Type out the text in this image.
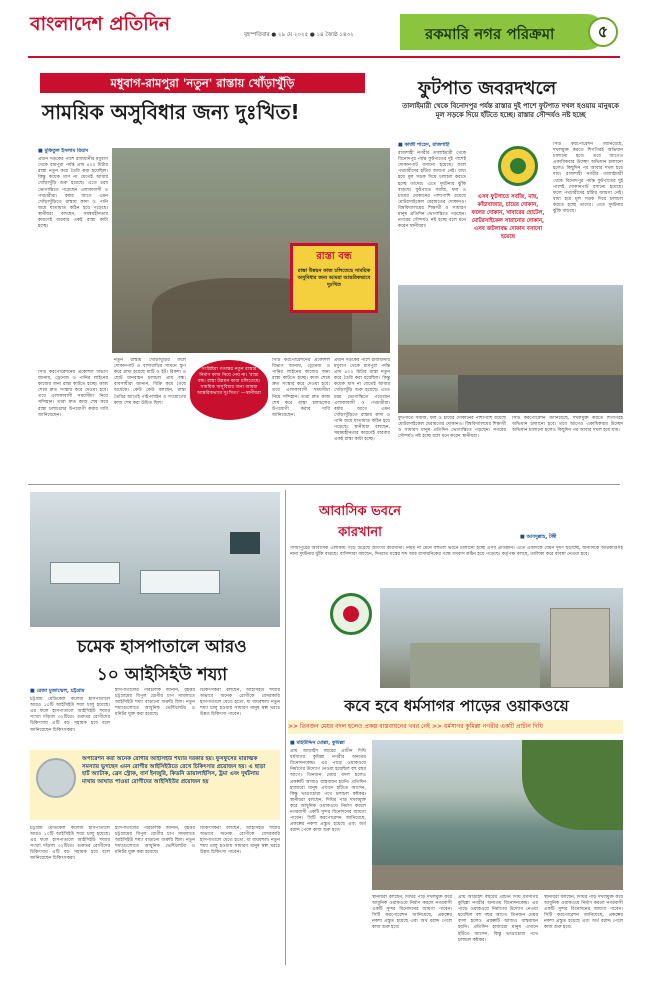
বাংলাদেশ প্রতিদিন	বৃহস্পতিবার ● ২৯ মে ২০২৫ ● ১৪ জ্যৈষ্ঠ ১৪৩২	রকমারি নগর পরিক্রমা	৫
মধুবাগ-রামপুরা 'নতুন' রাস্তায় খোঁড়াখুঁড়ি
সাময়িক অসুবিধার জন্য দুঃখিত!
■ মুকিতুল ইসলাম রিয়াদ
প্রধান সড়কের পাশে রাজধানীর মধুবাগ থেকে রামপুরা পর্যন্ত প্রায় ৪০০ মিটার রাস্তা নতুন করে তৈরি করা হয়েছিল। কিন্তু কয়েক মাস না যেতেই আবার খোঁড়াখুঁড়ি শুরু হয়েছে। এতে চরম ভোগান্তিতে পড়েছেন এলাকাবাসী ও পথচারীরা। বর্ষার আগে এমন খোঁড়াখুঁড়িতে রাস্তায় কাদা ও পানি জমে যাতায়াত কঠিন হয়ে পড়েছে। স্থানীয়রা বলছেন, সমন্বয়হীনতার কারণেই বারবার একই রাস্তা কাটা হচ্ছে।
রাস্তা বন্ধ
রাস্তা উন্নয়ন কাজ চলিতেছে সাময়িক অসুবিধার জন্য আমরা আন্তরিকভাবে দুঃখিত
সিটি করপোরেশনের প্রকৌশল বিভাগ জানায়, ড্রেনেজ ও পানির লাইনের কাজের জন্য রাস্তা কাটতে হচ্ছে। কাজ শেষে দ্রুত সংস্কার করে দেওয়া হবে। তবে এলাকাবাসী সময়সীমা নিয়ে সন্দিহান। তারা দ্রুত কাজ শেষ করে রাস্তা চলাচলের উপযোগী করার দাবি জানিয়েছেন।
নতুন রাস্তায় খোঁড়াখুঁড়ির ফলে দোকানপাট ও বাসাবাড়ির সামনে স্তূপ করে রাখা হয়েছে মাটি ও ইট। রিকশা ও ছোট যানবাহন চলাচল প্রায় বন্ধ। ব্যবসায়ীরা জানান, বিক্রি কমে গেছে অর্ধেকে। কেউ কেউ বলছেন, রাস্তা তৈরির আগেই পাইপলাইন ও সংযোগের কাজ শেষ করা উচিত ছিল।
সংশ্লিষ্টরা গত্যন্তর নতুন রাস্তার নির্মাণ কাজ নিয়ে নেয় না। 'রাস্তা বন্ধ। রাস্তা উন্নয়ন কাজ চলিতেছে। সাময়িক অসুবিধার জন্য আমরা আন্তরিকভাবে দুঃখিত।' —স্থানীয়রা
সিটি করপোরেশনের প্রকৌশল বিভাগ জানায়, ড্রেনেজ ও পানির লাইনের কাজের জন্য রাস্তা কাটতে হচ্ছে। কাজ শেষে দ্রুত সংস্কার করে দেওয়া হবে। তবে এলাকাবাসী সময়সীমা নিয়ে সন্দিহান। তারা দ্রুত কাজ শেষ করে রাস্তা চলাচলের উপযোগী করার দাবি জানিয়েছেন।
প্রধান সড়কের পাশে রাজধানীর মধুবাগ থেকে রামপুরা পর্যন্ত প্রায় ৪০০ মিটার রাস্তা নতুন করে তৈরি করা হয়েছিল। কিন্তু কয়েক মাস না যেতেই আবার খোঁড়াখুঁড়ি শুরু হয়েছে। এতে চরম ভোগান্তিতে পড়েছেন এলাকাবাসী ও পথচারীরা। বর্ষার আগে এমন খোঁড়াখুঁড়িতে রাস্তায় কাদা ও পানি জমে যাতায়াত কঠিন হয়ে পড়েছে। স্থানীয়রা বলছেন, সমন্বয়হীনতার কারণেই বারবার একই রাস্তা কাটা হচ্ছে।
ফুটপাত জবরদখলে
তালাইমারী থেকে বিনোদপুর পর্যন্ত রাস্তার দুই পাশে ফুটপাত দখল হওয়ায় মানুষকে মূল সড়কে দিয়ে হাঁটতে হচ্ছে। রাস্তার সৌন্দর্যও নষ্ট হচ্ছে
■ কাজী শাহেদ, রাজশাহী
রাজশাহী নগরীর তালাইমারী থেকে বিনোদপুর পর্যন্ত ফুটপাতের দুই পাশেই দোকানপাট বসানো হয়েছে। ফলে পথচারীদের হাঁটার জায়গা নেই। বাধ্য হয়ে মূল সড়ক দিয়ে চলাচল করতে হচ্ছে তাদের। এতে দুর্ঘটনার ঝুঁকি বাড়ছে। ফুটপাতে সবজি, ফল ও চায়ের দোকানের পাশাপাশি রয়েছে মোটরসাইকেল মেরামতের দোকানও। বিশ্ববিদ্যালয়ের শিক্ষার্থী ও সাধারণ মানুষ প্রতিদিন ভোগান্তিতে পড়ছেন। নগরের সৌন্দর্যও নষ্ট হচ্ছে বলে মনে করেন স্থানীয়রা।
এসব ফুটপাতে সবজি, মাছ, কাঁচাবাজার, চায়ের দোকান, ফলের দোকান, খাবারের হোটেল, মোটরসাইকেল সারানোর দোকান, এসব জটলাবদ্ধ দোকান বসানো হয়েছে
সিটি করপোরেশন জানিয়েছে, দখলমুক্ত করতে শিগগিরই অভিযান চালানো হবে। তবে আগেও একাধিকবার উচ্ছেদ অভিযান চালানো হলেও কিছুদিন পর আবার দখল হয়ে যায়। রাজশাহী নগরীর তালাইমারী থেকে বিনোদপুর পর্যন্ত ফুটপাতের দুই পাশেই দোকানপাট বসানো হয়েছে। ফলে পথচারীদের হাঁটার জায়গা নেই। বাধ্য হয়ে মূল সড়ক দিয়ে চলাচল করতে হচ্ছে তাদের। এতে দুর্ঘটনার ঝুঁকি বাড়ছে।
ফুটপাতে সবজি, ফল ও চায়ের দোকানের পাশাপাশি রয়েছে মোটরসাইকেল মেরামতের দোকানও। বিশ্ববিদ্যালয়ের শিক্ষার্থী ও সাধারণ মানুষ প্রতিদিন ভোগান্তিতে পড়ছেন। নগরের সৌন্দর্যও নষ্ট হচ্ছে বলে মনে করেন স্থানীয়রা।
সিটি করপোরেশন জানিয়েছে, দখলমুক্ত করতে শিগগিরই অভিযান চালানো হবে। তবে আগেও একাধিকবার উচ্ছেদ অভিযান চালানো হলেও কিছুদিন পর আবার দখল হয়ে যায়।
চমেক হাসপাতালে আরও
১০ আইসিইউ শয্যা
■ রেজা মুজাম্মেল, চট্টগ্রাম
চট্টগ্রাম মেডিকেল কলেজ হাসপাতালে আরও ১০টি আইসিইউ শয্যা চালু হয়েছে। এর ফলে হাসপাতালে আইসিইউ শয্যার সংখ্যা দাঁড়াল ৩২টিতে। গুরুতর রোগীদের চিকিৎসায় এটি বড় সহায়ক হবে বলে জানিয়েছেন চিকিৎসকরা।
হাসপাতালের পরিচালক জানান, বৃহত্তর চট্টগ্রামের বিপুল রোগীর চাপ সামলাতে আইসিইউ শয্যা বাড়ানো জরুরি ছিল। নতুন শয্যাগুলোতে আধুনিক ভেন্টিলেটর ও মনিটর যুক্ত করা হয়েছে।
চিকিৎসকরা বলছেন, আইসিইউ শয্যার অভাবে অনেক রোগীকে বেসরকারি হাসপাতালে যেতে হতো, যা ব্যয়বহুল। নতুন শয্যা চালু হওয়ায় সাধারণ মানুষ স্বল্প খরচে উন্নত চিকিৎসা পাবেন।
অপারেশন করা অনেক রোগীর আইসিইউ শয্যার দরকার হয়। ফুসফুসের মারাত্মক সমস্যায় ভুগছেন এমন রোগীর আইসিইউতে রেখে চিকিৎসার প্রয়োজন হয়। এ ছাড়া হার্ট অ্যাটাক, ব্রেন স্ট্রোক, বার্ন ইনজুরি, কিডনি ডায়ালাইসিস, ট্রমা এবং দুর্ঘটনায় মাথায় আঘাত পাওয়া রোগীদের আইসিইউর প্রয়োজন হয়
চট্টগ্রাম মেডিকেল কলেজ হাসপাতালে আরও ১০টি আইসিইউ শয্যা চালু হয়েছে। এর ফলে হাসপাতালে আইসিইউ শয্যার সংখ্যা দাঁড়াল ৩২টিতে। গুরুতর রোগীদের চিকিৎসায় এটি বড় সহায়ক হবে বলে জানিয়েছেন চিকিৎসকরা।
হাসপাতালের পরিচালক জানান, বৃহত্তর চট্টগ্রামের বিপুল রোগীর চাপ সামলাতে আইসিইউ শয্যা বাড়ানো জরুরি ছিল। নতুন শয্যাগুলোতে আধুনিক ভেন্টিলেটর ও মনিটর যুক্ত করা হয়েছে।
চিকিৎসকরা বলছেন, আইসিইউ শয্যার অভাবে অনেক রোগীকে বেসরকারি হাসপাতালে যেতে হতো, যা ব্যয়বহুল। নতুন শয্যা চালু হওয়ায় সাধারণ মানুষ স্বল্প খরচে উন্নত চিকিৎসা পাবেন।
আবাসিক ভবনে
কারখানা	■ আবদুল্লাহ, টঙ্গী
গাজীপুরের আবাসিক এলাকায় গড়ে উঠেছে অসংখ্য কারখানা। নিয়ম না মেনে বহুতল ভবনে চালানো হচ্ছে এসব প্রতিষ্ঠান। এতে একদিকে যেমন দূষণ ছড়াচ্ছে, অন্যদিকে অগ্নিকাণ্ডসহ নানা দুর্ঘটনার ঝুঁকি বাড়ছে। বাসিন্দারা বলছেন, দিনরাত যন্ত্রের শব্দ আর রাসায়নিকের গন্ধে বসবাস কঠিন হয়ে পড়েছে। কর্তৃপক্ষ বলছে, তালিকা করে ব্যবস্থা নেওয়া হবে।
কবে হবে ধর্মসাগর পাড়ের ওয়াকওয়ে
>> তিনজন মেয়র বদল হলেও প্রকল্প বাস্তবায়নের খবর নেই >> ধর্মসাগর কুমিল্লা নগরীর একটি প্রাচীন দিঘি
■ মহিউদ্দিন মোল্লা, কুমিল্লা
প্রায় আড়াইশ বছরের প্রাচীন দিঘি ধর্মসাগর কুমিল্লা নগরীর অন্যতম বিনোদনকেন্দ্র। এর পাড়ে ওয়াকওয়ে নির্মাণের উদ্যোগ নেওয়া হয়েছিল বহু বছর আগে। তিনজন মেয়র বদল হলেও প্রকল্পটি আজও বাস্তবায়ন হয়নি। প্রতিদিন হাজারো মানুষ এখানে হাঁটতে আসেন, কিন্তু ভাঙাচোরা পথে চলাচল কষ্টকর। স্থানীয়রা বলছেন, দিঘির পাড় দখলমুক্ত করে আধুনিক ওয়াকওয়ে নির্মাণ করলে নগরবাসী একটি সুন্দর বিনোদনের জায়গা পাবেন। সিটি করপোরেশন জানিয়েছে, প্রকল্পের নকশা প্রস্তুত হয়েছে এবং অর্থ বরাদ্দ পেলে কাজ শুরু হবে।
স্থানীয়রা বলছেন, দিঘির পাড় দখলমুক্ত করে আধুনিক ওয়াকওয়ে নির্মাণ করলে নগরবাসী একটি সুন্দর বিনোদনের জায়গা পাবেন। সিটি করপোরেশন জানিয়েছে, প্রকল্পের নকশা প্রস্তুত হয়েছে এবং অর্থ বরাদ্দ পেলে কাজ শুরু হবে।
প্রায় আড়াইশ বছরের প্রাচীন দিঘি ধর্মসাগর কুমিল্লা নগরীর অন্যতম বিনোদনকেন্দ্র। এর পাড়ে ওয়াকওয়ে নির্মাণের উদ্যোগ নেওয়া হয়েছিল বহু বছর আগে। তিনজন মেয়র বদল হলেও প্রকল্পটি আজও বাস্তবায়ন হয়নি। প্রতিদিন হাজারো মানুষ এখানে হাঁটতে আসেন, কিন্তু ভাঙাচোরা পথে চলাচল কষ্টকর।
স্থানীয়রা বলছেন, দিঘির পাড় দখলমুক্ত করে আধুনিক ওয়াকওয়ে নির্মাণ করলে নগরবাসী একটি সুন্দর বিনোদনের জায়গা পাবেন। সিটি করপোরেশন জানিয়েছে, প্রকল্পের নকশা প্রস্তুত হয়েছে এবং অর্থ বরাদ্দ পেলে কাজ শুরু হবে।
